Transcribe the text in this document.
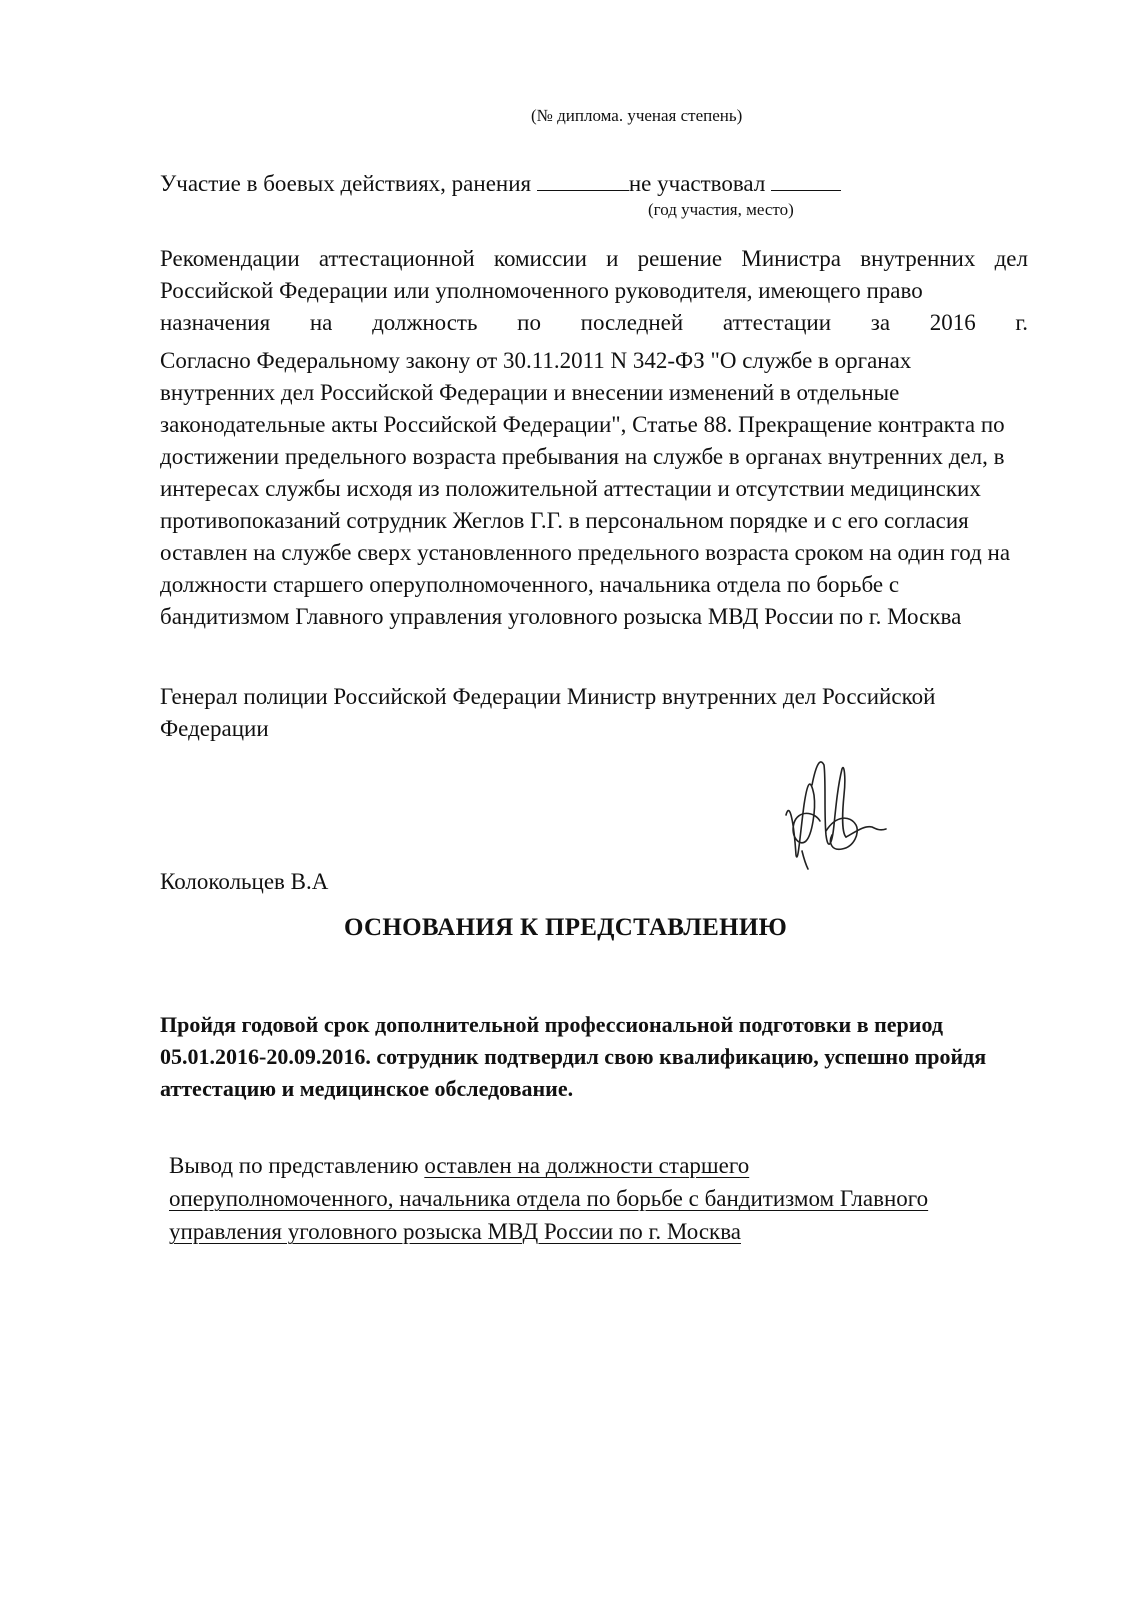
(№ диплома. ученая степень)
Участие в боевых действиях, ранения	не участвовал
(год участия, место)
Рекомендации аттестационной комиссии и решение Министра внутренних дел Российской Федерации или уполномоченного руководителя, имеющего право
назначения на должность по последней аттестации за 2016 г.
Согласно Федеральному закону от 30.11.2011 N 342-ФЗ "О службе в органах внутренних дел Российской Федерации и внесении изменений в отдельные законодательные акты Российской Федерации", Статье 88. Прекращение контракта по достижении предельного возраста пребывания на службе в органах внутренних дел, в интересах службы исходя из положительной аттестации и отсутствии медицинских противопоказаний сотрудник Жеглов Г.Г. в персональном порядке и с его согласия оставлен на службе сверх установленного предельного возраста сроком на один год на должности старшего оперуполномоченного, начальника отдела по борьбе с бандитизмом Главного управления уголовного розыска МВД России по г. Москва
Генерал полиции Российской Федерации Министр внутренних дел Российской Федерации
Колокольцев В.А
ОСНОВАНИЯ К ПРЕДСТАВЛЕНИЮ
Пройдя годовой срок дополнительной профессиональной подготовки в период 05.01.2016-20.09.2016. сотрудник подтвердил свою квалификацию, успешно пройдя аттестацию и медицинское обследование.
Вывод по представлению оставлен на должности старшего оперуполномоченного, начальника отдела по борьбе с бандитизмом Главного управления уголовного розыска МВД России по г. Москва
